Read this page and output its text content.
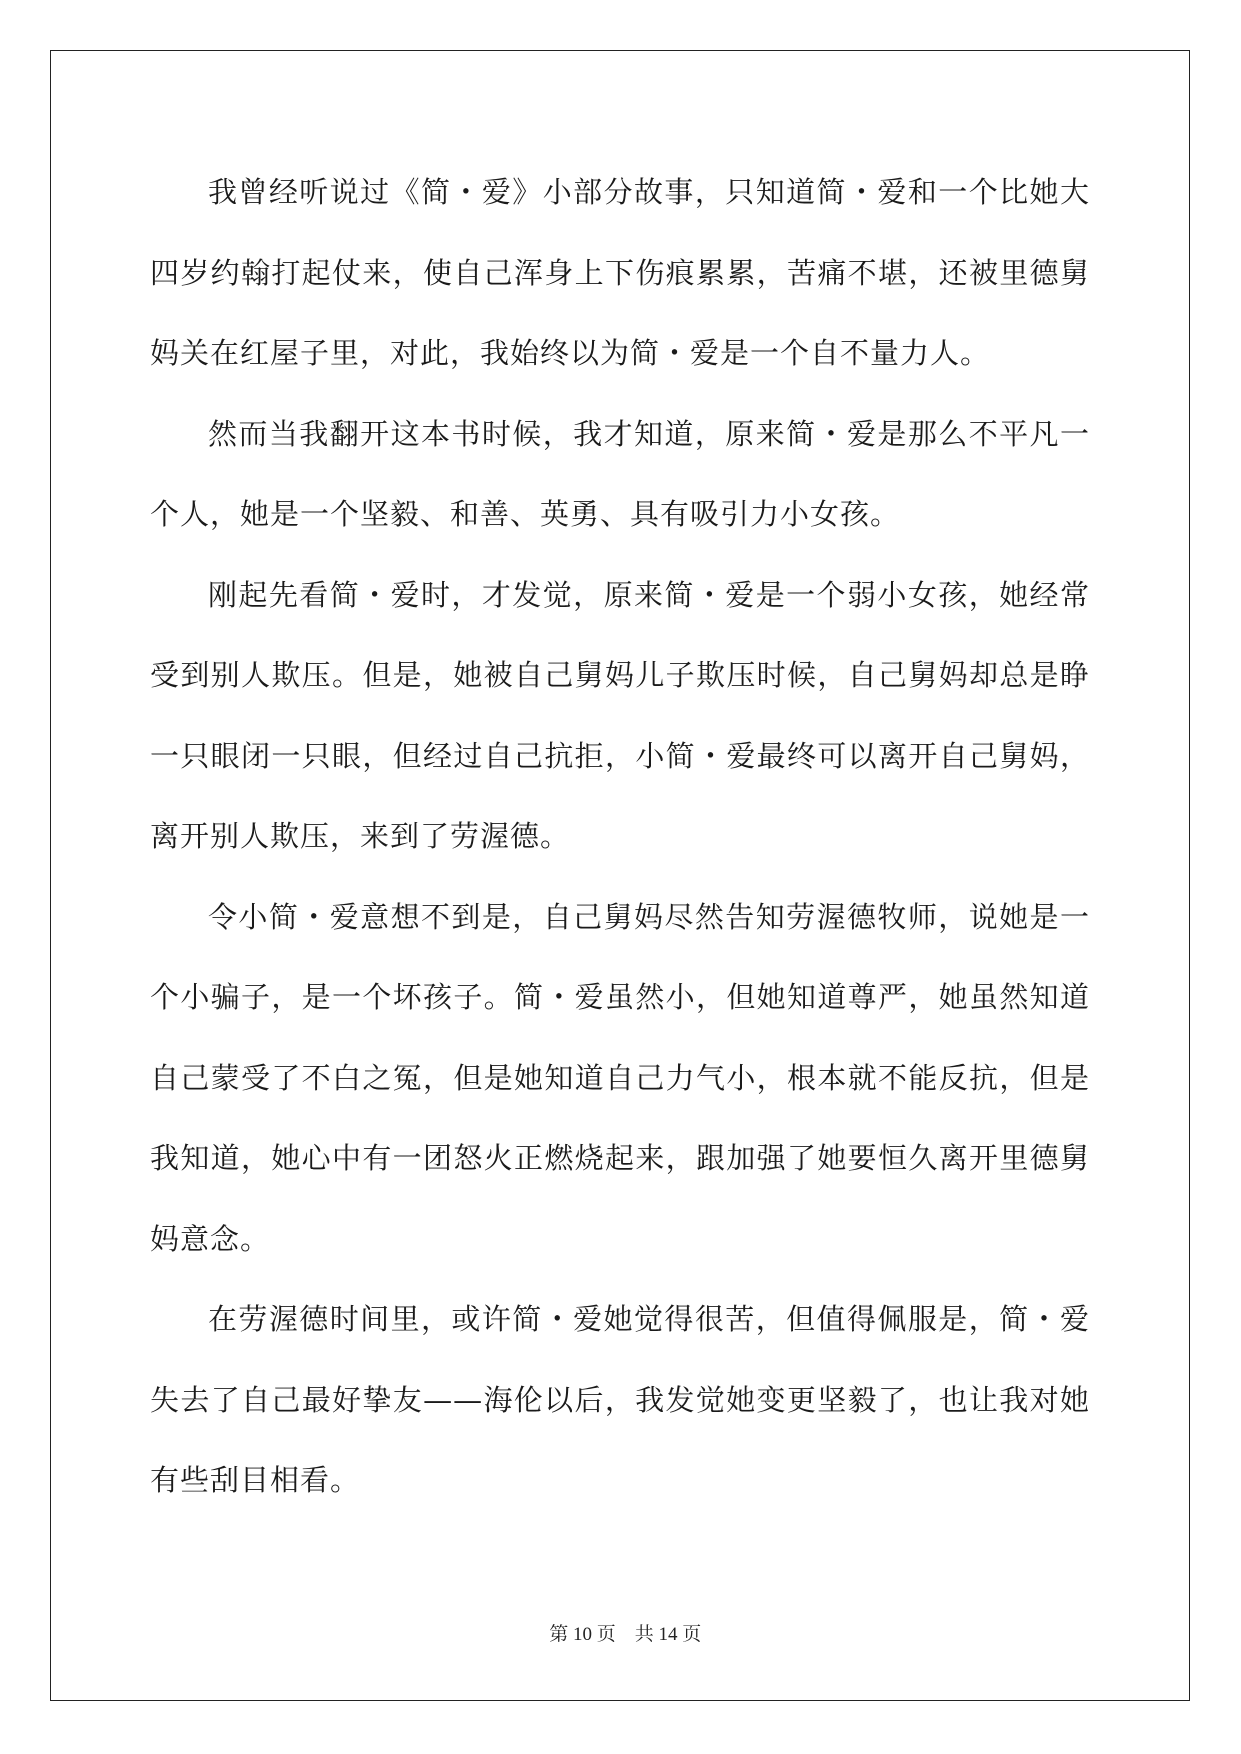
我曾经听说过《简・爱》小部分故事，只知道简・爱和一个比她大四岁约翰打起仗来，使自己浑身上下伤痕累累，苦痛不堪，还被里德舅妈关在红屋子里，对此，我始终以为简・爱是一个自不量力人。

然而当我翻开这本书时候，我才知道，原来简・爱是那么不平凡一个人，她是一个坚毅、和善、英勇、具有吸引力小女孩。

刚起先看简・爱时，才发觉，原来简・爱是一个弱小女孩，她经常受到别人欺压。但是，她被自己舅妈儿子欺压时候，自己舅妈却总是睁一只眼闭一只眼，但经过自己抗拒，小简・爱最终可以离开自己舅妈，离开别人欺压，来到了劳渥德。

令小简・爱意想不到是，自己舅妈尽然告知劳渥德牧师，说她是一个小骗子，是一个坏孩子。简・爱虽然小，但她知道尊严，她虽然知道自己蒙受了不白之冤，但是她知道自己力气小，根本就不能反抗，但是我知道，她心中有一团怒火正燃烧起来，跟加强了她要恒久离开里德舅妈意念。

在劳渥德时间里，或许简・爱她觉得很苦，但值得佩服是，简・爱失去了自己最好挚友——海伦以后，我发觉她变更坚毅了，也让我对她有些刮目相看。

第 10 页　共 14 页
